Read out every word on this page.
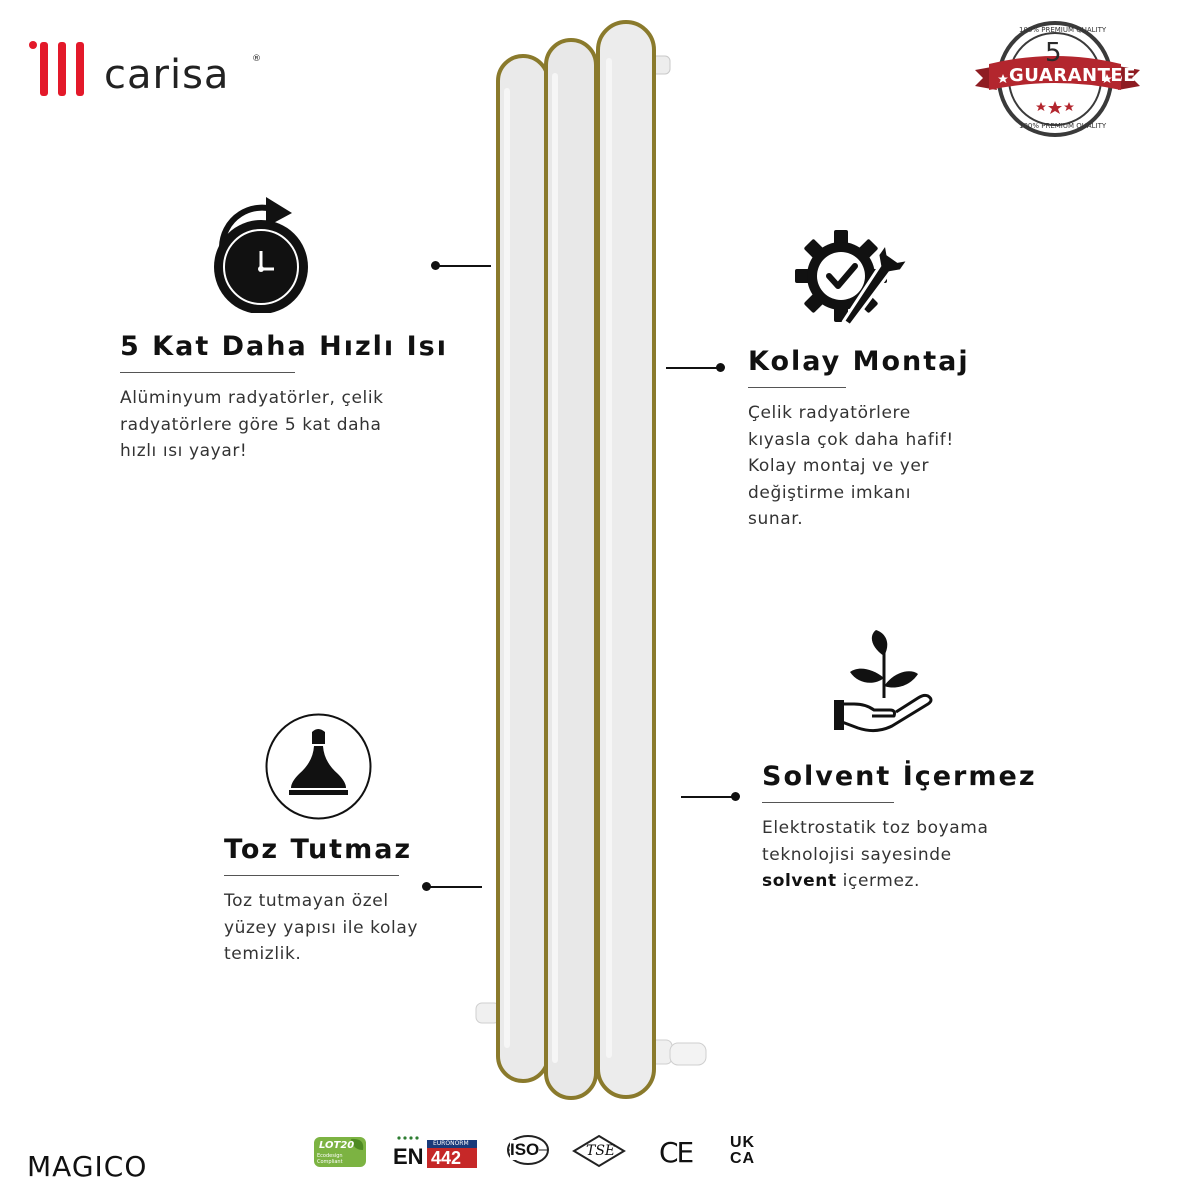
carisa	®	5
GUARANTEE
100% PREMIUM QUALITY
100% PREMIUM QUALITY
5 Kat Daha Hızlı Isı
Alüminyum radyatörler, çelik
radyatörlere göre 5 kat daha
hızlı ısı yayar!
Kolay Montaj
Çelik radyatörlere
kıyasla çok daha hafif!
Kolay montaj ve yer
değiştirme imkanı
sunar.
Solvent İçermez
Elektrostatik toz boyama
teknolojisi sayesinde
solvent içermez.
Toz Tutmaz
Toz tutmayan özel
yüzey yapısı ile kolay
temizlik.
MAGICO
LOT20
Ecodesign Compliant	EN 442
EURONORM ISO	TSE CE UK
CA
